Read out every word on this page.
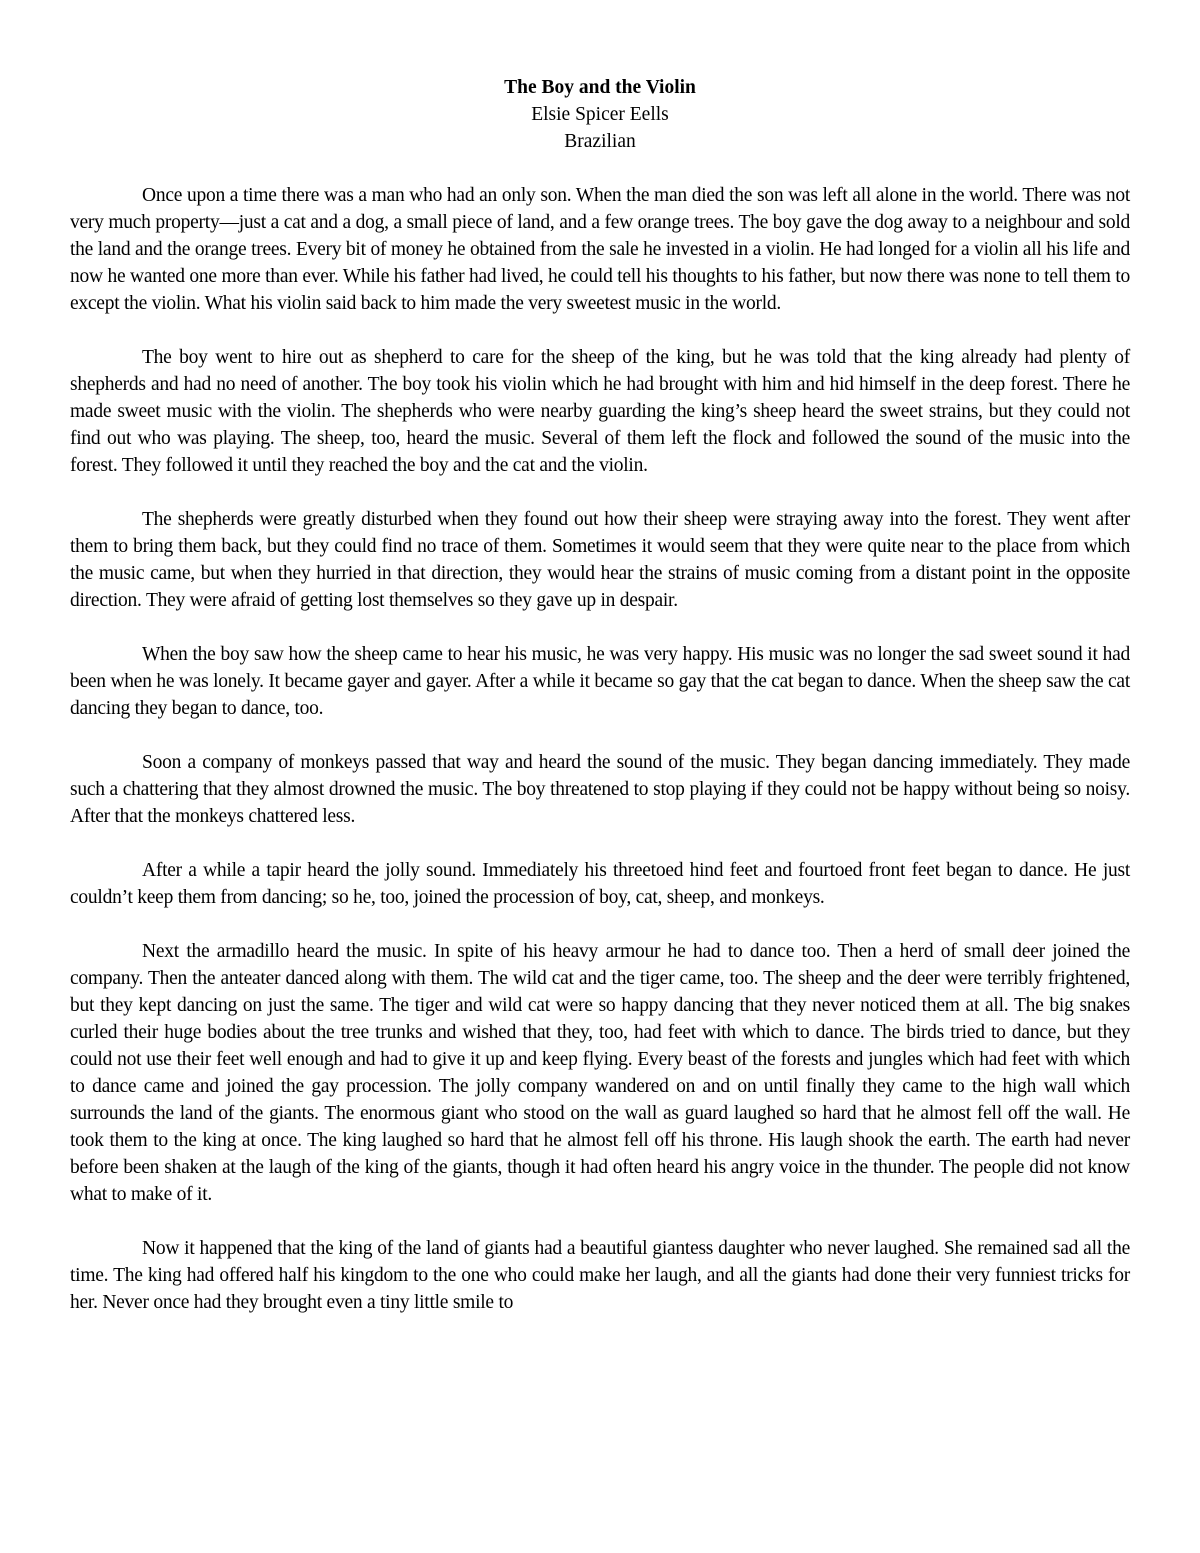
The Boy and the Violin
Elsie Spicer Eells
Brazilian

Once upon a time there was a man who had an only son. When the man died the son was left all alone in the world. There was not very much property—just a cat and a dog, a small piece of land, and a few orange trees. The boy gave the dog away to a neighbour and sold the land and the orange trees. Every bit of money he obtained from the sale he invested in a violin. He had longed for a violin all his life and now he wanted one more than ever. While his father had lived, he could tell his thoughts to his father, but now there was none to tell them to except the violin. What his violin said back to him made the very sweetest music in the world.

The boy went to hire out as shepherd to care for the sheep of the king, but he was told that the king already had plenty of shepherds and had no need of another. The boy took his violin which he had brought with him and hid himself in the deep forest. There he made sweet music with the violin. The shepherds who were nearby guarding the king’s sheep heard the sweet strains, but they could not find out who was playing. The sheep, too, heard the music. Several of them left the flock and followed the sound of the music into the forest. They followed it until they reached the boy and the cat and the violin.

The shepherds were greatly disturbed when they found out how their sheep were straying away into the forest. They went after them to bring them back, but they could find no trace of them. Sometimes it would seem that they were quite near to the place from which the music came, but when they hurried in that direction, they would hear the strains of music coming from a distant point in the opposite direction. They were afraid of getting lost themselves so they gave up in despair.

When the boy saw how the sheep came to hear his music, he was very happy. His music was no longer the sad sweet sound it had been when he was lonely. It became gayer and gayer. After a while it became so gay that the cat began to dance. When the sheep saw the cat dancing they began to dance, too.

Soon a company of monkeys passed that way and heard the sound of the music. They began dancing immediately. They made such a chattering that they almost drowned the music. The boy threatened to stop playing if they could not be happy without being so noisy. After that the monkeys chattered less.

After a while a tapir heard the jolly sound. Immediately his threetoed hind feet and fourtoed front feet began to dance. He just couldn’t keep them from dancing; so he, too, joined the procession of boy, cat, sheep, and monkeys.

Next the armadillo heard the music. In spite of his heavy armour he had to dance too. Then a herd of small deer joined the company. Then the anteater danced along with them. The wild cat and the tiger came, too. The sheep and the deer were terribly frightened, but they kept dancing on just the same. The tiger and wild cat were so happy dancing that they never noticed them at all. The big snakes curled their huge bodies about the tree trunks and wished that they, too, had feet with which to dance. The birds tried to dance, but they could not use their feet well enough and had to give it up and keep flying. Every beast of the forests and jungles which had feet with which to dance came and joined the gay procession. The jolly company wandered on and on until finally they came to the high wall which surrounds the land of the giants. The enormous giant who stood on the wall as guard laughed so hard that he almost fell off the wall. He took them to the king at once. The king laughed so hard that he almost fell off his throne. His laugh shook the earth. The earth had never before been shaken at the laugh of the king of the giants, though it had often heard his angry voice in the thunder. The people did not know what to make of it.

Now it happened that the king of the land of giants had a beautiful giantess daughter who never laughed. She remained sad all the time. The king had offered half his kingdom to the one who could make her laugh, and all the giants had done their very funniest tricks for her. Never once had they brought even a tiny little smile to
